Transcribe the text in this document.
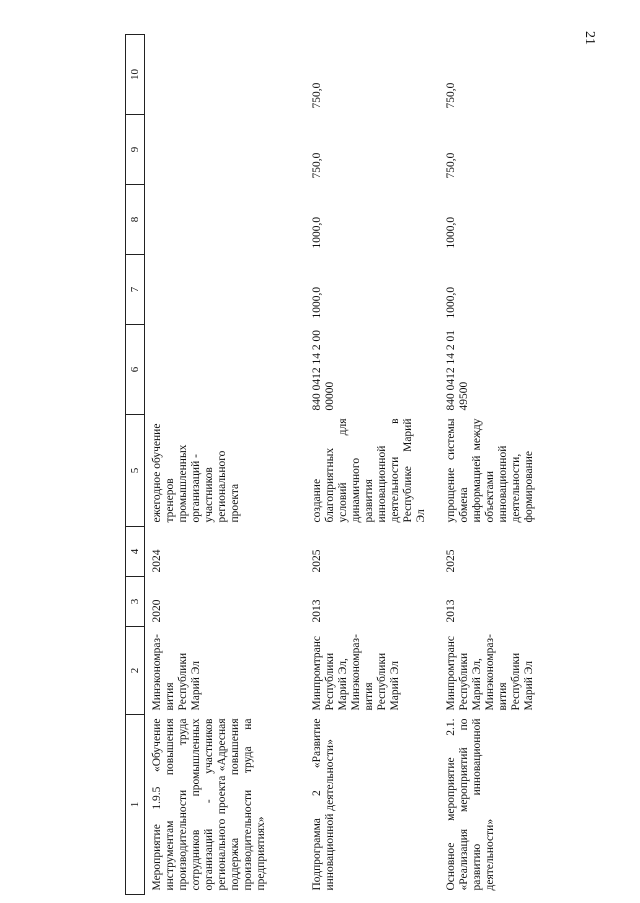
21
1	2	3	4	5	6	7	8	9	10
Мероприятие 1.9.5 «Обучение инструментам повышения производительности труда сотрудников промышленных организаций - участников регионального проекта «Адресная поддержка повышения производительности труда на предприятиях»	Минэкономраз-вития Республики Марий Эл	2020	2024	ежегодное обучение тренеров промышленных организаций - участников регионального проекта					
Подпрограмма 2 «Развитие инновационной деятельности»	Минпромтранс Республики Марий Эл, Минэкономраз-вития Республики Марий Эл	2013	2025	создание благоприятных условий для динамичного развития инновационной деятельности в Республике Марий Эл	840 0412 14 2 00 00000	1000,0	1000,0	750,0	750,0
Основное мероприятие 2.1. «Реализация мероприятий по развитию инновационной деятельности»	Минпромтранс Республики Марий Эл, Минэкономраз-вития Республики Марий Эл	2013	2025	упрощение системы обмена информацией между объектами инновационной деятельности, формирование	840 0412 14 2 01 49500	1000,0	1000,0	750,0	750,0
